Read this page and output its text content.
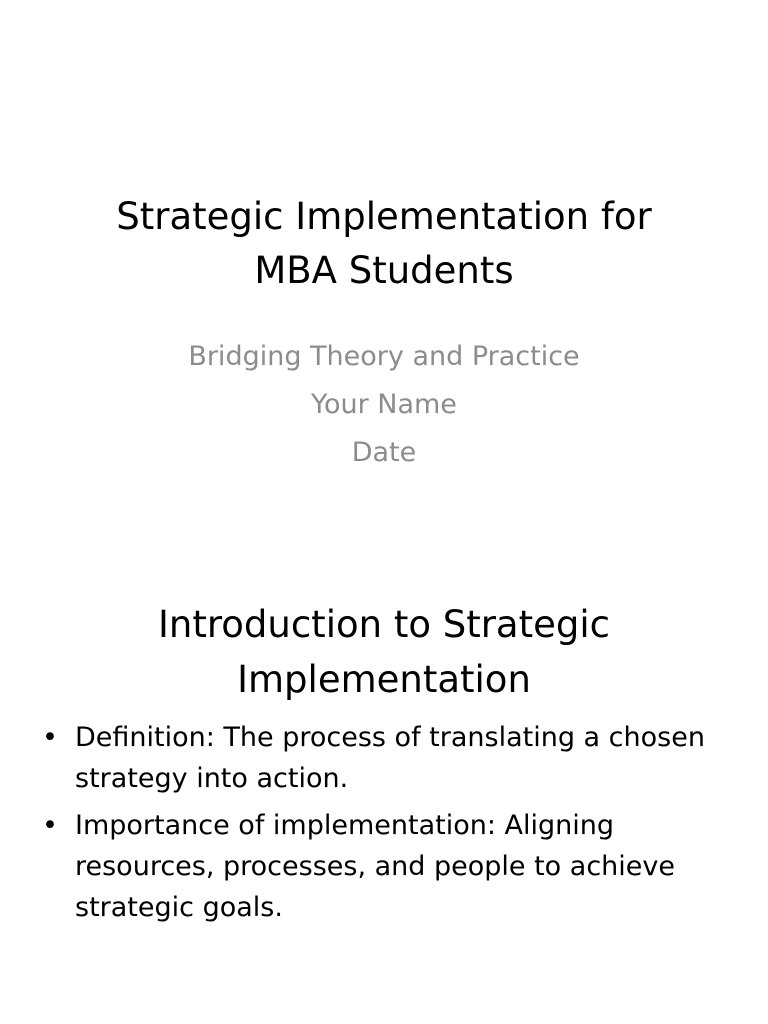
Strategic Implementation for
MBA Students
Bridging Theory and Practice
Your Name
Date
Introduction to Strategic
Implementation
• Definition: The process of translating a chosen strategy into action.
• Importance of implementation: Aligning resources, processes, and people to achieve strategic goals.
